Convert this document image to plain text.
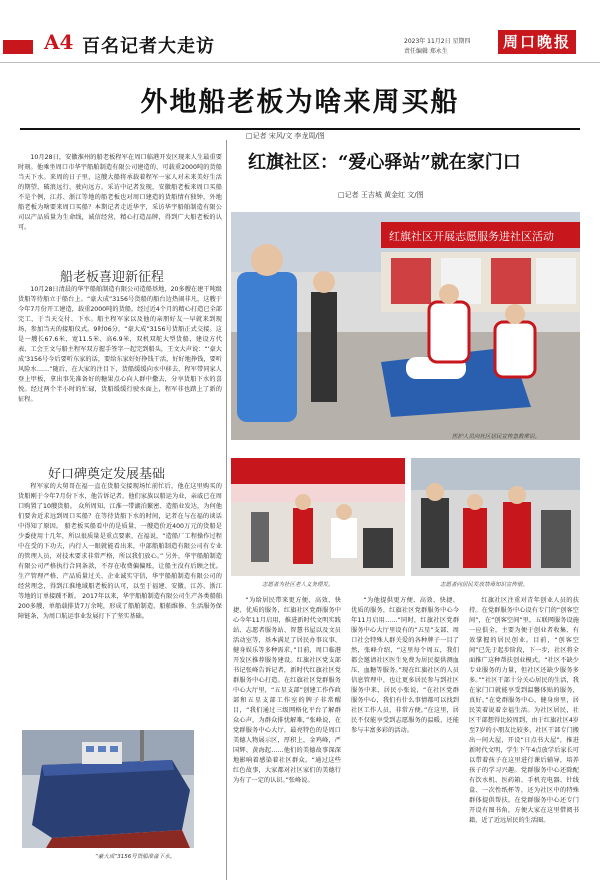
A4 百名记者大走访	2023年 11月2日 星期四
责任编辑 郑永生
周口晚报
外地船老板为啥来周买船
□记者 宋风/文 李龙周/图
红旗社区：“爱心驿站”就在家门口
□记者 王吉城 黄金红 文/图
10月28日，安徽淮州的船老板程军在周口临港开发区现来人生最重要时刻。他乘坐周口市华宇船舶制造有限公司建造的、可载重2000吨的货船当天下水。来周的日子里，这艘大船将承载着程军一家人对未来美好生活的期望，破浪远行，驶向远方。采访中记者发现，安徽船老板来周口买船不是个例，江苏、浙江等地的船老板也对周口建造的货船情有独钟，外地船老板为啥要来周口买船？本期记者走近华宇，采访华宇船舶制造有限公司以产品质量为生命线，诚信经营，精心打造品牌，得到广大船老板的认可。
船老板喜迎新征程
10月28日清晨的华宇船舶制造有限公司造船基地，20多艘在建干吨级货船等待船立于船台上。“豪大成”3156号货船的船台边热闹非凡，这艘于今年7月份开工建造，载重2000吨的货船，经过近4个月的精心打造已全部完工，于当天交付、下水。船主程军家以及他的亲朋好友一早就来到现场，参加当天的接船仪式。9时06分，“豪大成”3156号货船正式交接。这是一艘长67.6米、宽11.5米、高6.9米，双机双舵大型货船，建设方代表、工会王文与船主程军双方握手签字一起完到船头，王文大声说：“‘豪大成’3156号今后要听东家的话，要给东家好好挣钱干活，好好地挣钱，要听风险水……”随后，在大家的注目下，货船缓缓向水中移去，程军带同家人登上甲板，拿出事先准备好的糖果点心向人群中撒去，分享货船下水的喜悦。经过两个半小时的忙碌，货船缓缓行驶水面上，程军非也踏上了新的征程。
好口碑奠定发展基础
程军家的大舅哥在福一直在货船交接现场忙前忙后，他在这里购买的货船刚于今年7月份下水，他告诉记者，他们家族以船运为业，亲戚已在周口购置了10艘货船。 众所周知，江淮一带湖泊繁密、造船业发达，为何他们要舍近求远到周口买船？在等待货船下水的时间，记者在与在福的谈话中得知了原因。 船老板买船看中的是质量，一艘造价近400万元的货船是少委使用十几年，所以很质量是重点要素，在福说，“造船厂工程操作过程中在受的下功夫，内行人一眼就能看出来，中部船舶制造有限公司有专业的管理人员，对技术要求非常严格，所以我们放心。” 另外，华宇船舶制造有限公司严格执行合同条款，不存在收费偏偏账，让船主没有后顾之忧。 生产管理严格、产品质量过关、企业诚实守信，华宇船舶制造有限公司的经营理念，得到江淮地域船老板的认可，以至于福建、安徽、江苏、浙江等地的订单接踵不断。 2017年以来，华宇船舶制造有限公司生产各类船舶200多艘，单船载排货7万余吨，形成了船舶制造、船舶维修、生活服务保障链条，为周口航运事业发展打下了坚实基础。
“豪大成”3156号货船准备下水。
红旗社区开展志愿服务进社区活动
医护人员向社区居民宣传急救常识。
志愿者为社区老人义务理发。	志愿者向居民发放禁毒知识宣传册。
“为给居民带来更方便、高效、快捷、优质的服务，红旗社区党群服务中心今年11月启用，推进新时代文明实践站、志愿者服务站、智慧书屋以及文员活动室等，基本满足了居民办事议事、健身娱乐等多种需求，”目前，周口临港开发区推荐服务建设。红旗社区党支部书记张峰告诉记者，新时代红旗社区党群服务中心打造。在红旗社区党群服务中心大厅里，“五星支部”创建工作作政部和五星支部工作室的牌子非常醒目，“我们通过三级网格化平台了解群众心声，为群众排忧解难，”张峰说，在党群服务中心大厅，最亮特色的是周口美德人物展示区，厚积上，金鸡峰，严国辉、黄海起……他们的美德故事深深地影响着感染着社区群众。“通过这些红色故事，大家都对社区家们的美德行为有了一定的认识。”张峰说。
“为他提供更方便、高效、快捷、优质的服务，红旗社区党群服务中心今年11月启用……”同时，红旗社区党群服务中心大厅里设有的“五星”支部、周口社会特殊人群关爱的各种牌子一目了然，张峰介绍，“这里每个周五，我们都会邀请社区医生免费为居民提供测血压、血糖等服务。”现在红旗社区的人员信息管理中，也让更多居民参与到社区服务中来，居民小张说，“在社区党群服务中心，我们有什么事情都可以找到社区工作人员，非常方便。”在这里，居民不仅能享受到志愿服务的温暖，还能参与丰富多彩的活动。
红旗社区注重对青年创业人员的扶持。在党群服务中心设有专门的“创客空间”，在“创客空间”里，五联网服务设施一应俱全，主要为便于创业者收集、有效掌握的居民创业。目前，“创客空间”已先于起步阶段，下一步，社区将全面推广这种帮扶创业模式。“社区不缺少专业服务的力量，但社区还缺少服务多多。”“社区干部十分关心居民的生活，我在家门口就能享受到温馨体贴的服务，真好。”在党群服务中心，健身房里，居民笑着说着幸福生活。为社区居民，社区干部想得比较周到，由于红旗社区4岁至7岁的小朋友比较多，社区干部专门搬出一间大屋，开设“日点书大屋”，推进新时代文明，学生下午4点放学后家长可以带着孩子在这里进行课后辅导，培养孩子的学习兴趣。党群服务中心还除配有饮水机、医药箱、手机充电器、针线盒、一次性纸杯等，还为社区中的特殊群体提供帮扶。在党群服务中心还专门开设有图书角，方便大家在这里借阅书籍，近了近远居民的生活圈。
